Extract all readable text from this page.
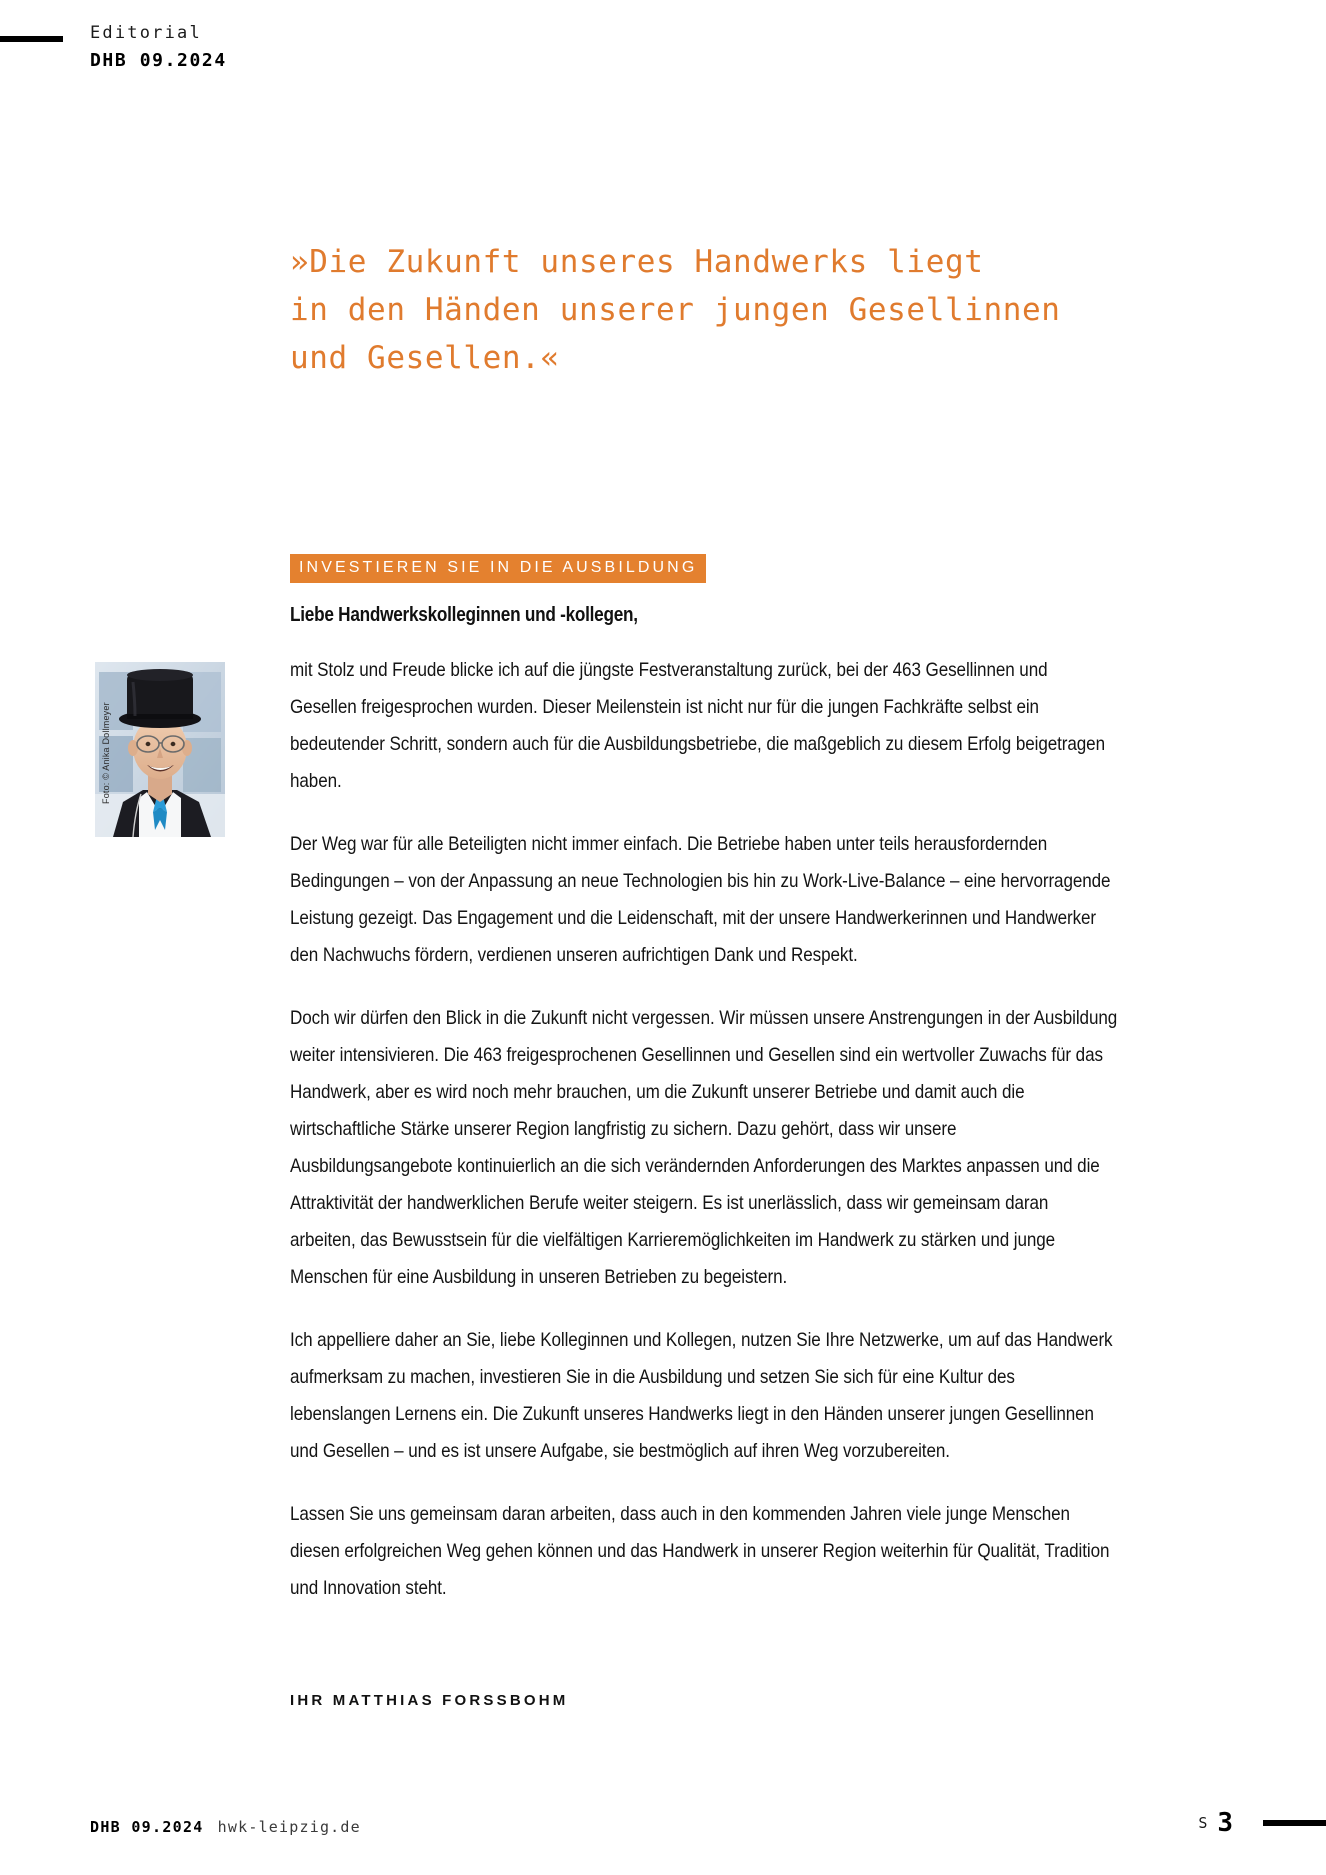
Editorial
DHB 09.2024
»Die Zukunft unseres Handwerks liegt
in den Händen unserer jungen Gesellinnen
und Gesellen.«
INVESTIEREN SIE IN DIE AUSBILDUNG
Liebe Handwerkskolleginnen und -kollegen,
Foto: © Anika Dollmeyer

mit Stolz und Freude blicke ich auf die jüngste Festveranstaltung zurück, bei der 463 Gesellinnen und Gesellen freigesprochen wurden. Dieser Meilenstein ist nicht nur für die jungen Fachkräfte selbst ein bedeutender Schritt, sondern auch für die Ausbildungsbetriebe, die maßgeblich zu diesem Erfolg beigetragen haben.

Der Weg war für alle Beteiligten nicht immer einfach. Die Betriebe haben unter teils herausfordernden Bedingungen – von der Anpassung an neue Technologien bis hin zu Work-Live-Balance – eine hervorragende Leistung gezeigt. Das Engagement und die Leidenschaft, mit der unsere Handwerkerinnen und Handwerker den Nachwuchs fördern, verdienen unseren aufrichtigen Dank und Respekt.

Doch wir dürfen den Blick in die Zukunft nicht vergessen. Wir müssen unsere Anstrengungen in der Ausbildung weiter intensivieren. Die 463 freigesprochenen Gesellinnen und Gesellen sind ein wertvoller Zuwachs für das Handwerk, aber es wird noch mehr brauchen, um die Zukunft unserer Betriebe und damit auch die wirtschaftliche Stärke unserer Region langfristig zu sichern. Dazu gehört, dass wir unsere Ausbildungsangebote kontinuierlich an die sich verändernden Anforderungen des Marktes anpassen und die Attraktivität der handwerklichen Berufe weiter steigern. Es ist unerlässlich, dass wir gemeinsam daran arbeiten, das Bewusstsein für die vielfältigen Karrieremöglichkeiten im Handwerk zu stärken und junge Menschen für eine Ausbildung in unseren Betrieben zu begeistern.

Ich appelliere daher an Sie, liebe Kolleginnen und Kollegen, nutzen Sie Ihre Netzwerke, um auf das Handwerk aufmerksam zu machen, investieren Sie in die Ausbildung und setzen Sie sich für eine Kultur des lebenslangen Lernens ein. Die Zukunft unseres Handwerks liegt in den Händen unserer jungen Gesellinnen und Gesellen – und es ist unsere Aufgabe, sie bestmöglich auf ihren Weg vorzubereiten.

Lassen Sie uns gemeinsam daran arbeiten, dass auch in den kommenden Jahren viele junge Menschen diesen erfolgreichen Weg gehen können und das Handwerk in unserer Region weiterhin für Qualität, Tradition und Innovation steht.

IHR MATTHIAS FORSSBOHM
DHB 09.2024 hwk-leipzig.de	S 3
